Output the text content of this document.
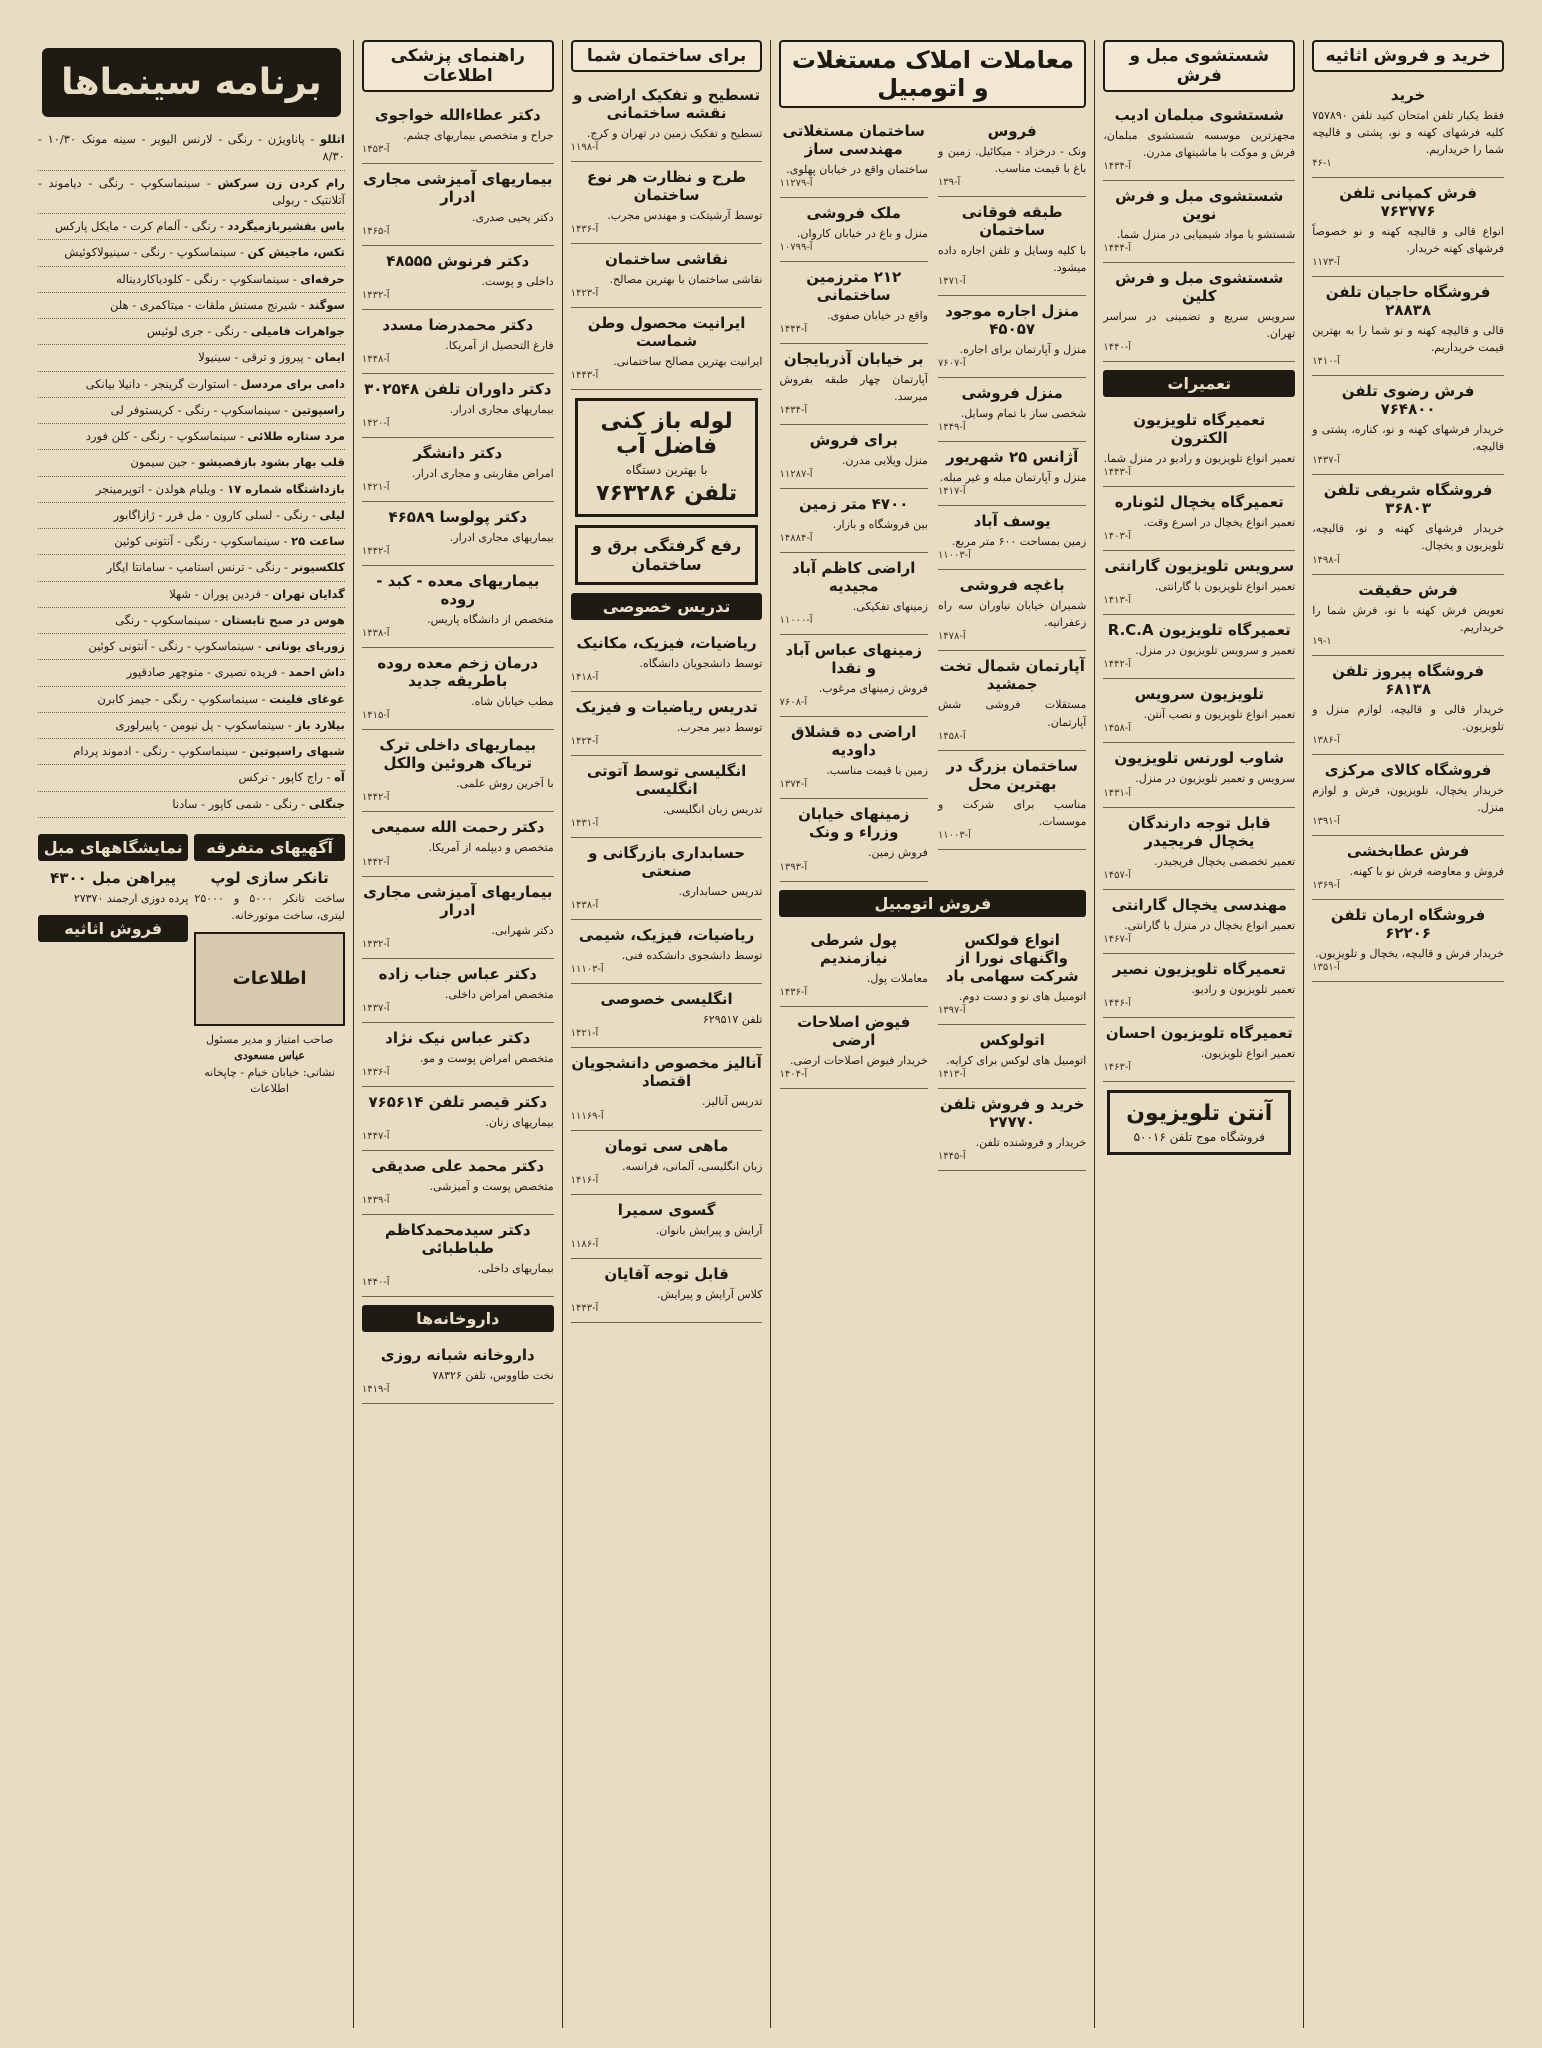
خرید و فروش اثاثیه
خرید
فقط یکبار تلفن امتحان کنید تلفن ۷۵۷۸۹۰ کلیه فرشهای کهنه و نو، پشتی و قالیچه شما را خریداریم.
۴۶-۱
فرش کمپانی تلفن ۷۶۳۷۷۶
انواع قالی و قالیچه کهنه و نو خصوصاً فرشهای کهنه خریدار.
۱۱۷۳-آ
فروشگاه حاجیان تلفن ۲۸۸۳۸
قالی و قالیچه کهنه و نو شما را به بهترین قیمت خریداریم.
۱۴۱۰-آ
فرش رضوی تلفن ۷۶۴۸۰۰
خریدار فرشهای کهنه و نو، کناره، پشتی و قالیچه.
۱۴۳۷-آ
فروشگاه شریفی تلفن ۳۶۸۰۳
خریدار فرشهای کهنه و نو، قالیچه، تلویزیون و یخچال.
۱۴۹۸-آ
فرش حقیقت
تعویض فرش کهنه با نو، فرش شما را خریداریم.
۱۹-۱
فروشگاه پیروز تلفن ۶۸۱۳۸
خریدار قالی و قالیچه، لوازم منزل و تلویزیون.
۱۳۸۶-آ
فروشگاه کالای مرکزی
خریدار یخچال، تلویزیون، فرش و لوازم منزل.
۱۳۹۱-آ
فرش عطابخشی
فروش و معاوضه فرش نو با کهنه.
۱۳۶۹-آ
فروشگاه ارمان تلفن ۶۲۲۰۶
خریدار فرش و قالیچه، یخچال و تلویزیون.
۱۳۵۱-آ
شستشوی مبل و فرش
شستشوی مبلمان ادیب
مجهزترین موسسه شستشوی مبلمان، فرش و موکت با ماشینهای مدرن.
۱۴۳۴-آ
شستشوی مبل و فرش نوین
شستشو با مواد شیمیایی در منزل شما.
۱۴۴۴-آ
شستشوی مبل و فرش کلین
سرویس سریع و تضمینی در سراسر تهران.
۱۴۴۰-آ
تعمیرات
تعمیرگاه تلویزیون الکترون
تعمیر انواع تلویزیون و رادیو در منزل شما.
۱۴۴۳-آ
تعمیرگاه یخچال لئوناره
تعمیر انواع یخچال در اسرع وقت.
۱۴۰۳-آ
سرویس تلویزیون گارانتی
تعمیر انواع تلویزیون با گارانتی.
۱۴۱۳-آ
تعمیرگاه تلویزیون R.C.A
تعمیر و سرویس تلویزیون در منزل.
۱۴۴۲-آ
تلویزیون سرویس
تعمیر انواع تلویزیون و نصب آنتن.
۱۴۵۸-آ
شاوب لورنس تلویزیون
سرویس و تعمیر تلویزیون در منزل.
۱۴۳۱-آ
قابل توجه دارندگان یخچال فریجیدر
تعمیر تخصصی یخچال فریجیدر.
۱۴۵۷-آ
مهندسی یخچال گارانتی
تعمیر انواع یخچال در منزل با گارانتی.
۱۴۶۷-آ
تعمیرگاه تلویزیون نصیر
تعمیر تلویزیون و رادیو.
۱۴۴۶-آ
تعمیرگاه تلویزیون احسان
تعمیر انواع تلویزیون.
۱۴۶۳-آ
آنتن تلویزیون
فروشگاه موج تلفن ۵۰۰۱۶
معاملات املاک مستغلات و اتومبیل
فروس
ونک - درخزاد - میکائیل. زمین و باغ با قیمت مناسب.
۱۳۹-آ
طبقه فوقانی ساختمان
با کلیه وسایل و تلفن اجاره داده میشود.
۱۴۷۱-آ
منزل اجاره موجود ۴۵۰۵۷
منزل و آپارتمان برای اجاره.
۷۶۰۷-آ
منزل فروشی
شخصی ساز با تمام وسایل.
۱۴۴۹-آ
آژانس ۲۵ شهریور
منزل و آپارتمان مبله و غیر مبله.
۱۴۱۷-آ
یوسف آباد
زمین بمساحت ۶۰۰ متر مربع.
۱۱۰۰۳-آ
باغچه فروشی
شمیران خیابان نیاوران سه راه زعفرانیه.
۱۴۷۸-آ
آپارتمان شمال تخت جمشید
مستقلات فروشی شش آپارتمان.
۱۴۵۸-آ
ساختمان بزرگ در بهترین محل
مناسب برای شرکت و موسسات.
۱۱۰۰۳-آ
ساختمان مستغلاتی مهندسی ساز
ساختمان واقع در خیابان پهلوی.
۱۱۲۷۹-آ
ملک فروشی
منزل و باغ در خیابان کاروان.
۱۰۷۹۹-آ
۲۱۲ مترزمین ساختمانی
واقع در خیابان صفوی.
۱۴۴۴-آ
بر خیابان آذربایجان
آپارتمان چهار طبقه بفروش میرسد.
۱۴۳۴-آ
برای فروش
منزل ویلایی مدرن.
۱۱۲۸۷-آ
۴۷۰۰ متر زمین
بین فروشگاه و بازار.
۱۴۸۸۴-آ
اراضی کاظم آباد مجیدیه
زمینهای تفکیکی.
۱۱۰۰۰-آ
زمینهای عباس آباد و نقدا
فروش زمینهای مرغوب.
۷۶۰۸-آ
اراضی ده قشلاق داودیه
زمین با قیمت مناسب.
۱۳۷۴-آ
زمینهای خیابان وزراء و ونک
فروش زمین.
۱۳۹۳-آ
فروش اتومبیل
انواع فولکس واگنهای نورا از شرکت سهامی باد
اتومبیل های نو و دست دوم.
۱۳۹۷-آ
اتولوکس
اتومبیل های لوکس برای کرایه.
۱۴۱۳-آ
خرید و فروش تلفن ۲۷۷۷۰
خریدار و فروشنده تلفن.
۱۴۴۵-آ
پول شرطی نیازمندیم
معاملات پول.
۱۴۳۶-آ
فیوض اصلاحات ارضی
خریدار فیوض اصلاحات ارضی.
۱۴۰۴-آ
برای ساختمان شما
تسطیح و تفکیک اراضی و نقشه ساختمانی
تسطیح و تفکیک زمین در تهران و کرج.
۱۱۹۸-آ
طرح و نظارت هر نوع ساختمان
توسط آرشیتکت و مهندس مجرب.
۱۴۳۶-آ
نقاشی ساختمان
نقاشی ساختمان با بهترین مصالح.
۱۴۲۳-آ
ایرانیت محصول وطن شماست
ایرانیت بهترین مصالح ساختمانی.
۱۴۴۳-آ
لوله باز کنی فاضل آب
با بهترین دستگاه
تلفن ۷۶۳۲۸۶
رفع گرفتگی برق و ساختمان
تدریس خصوصی
ریاضیات، فیزیک، مکانیک
توسط دانشجویان دانشگاه.
۱۴۱۸-آ
تدریس ریاضیات و فیزیک
توسط دبیر مجرب.
۱۴۲۴-آ
انگلیسی توسط آتوتی انگلیسی
تدریس زبان انگلیسی.
۱۴۳۱-آ
حسابداری بازرگانی و صنعتی
تدریس حسابداری.
۱۴۳۸-آ
ریاضیات، فیزیک، شیمی
توسط دانشجوی دانشکده فنی.
۱۱۱۰۳-آ
انگلیسی خصوصی
تلفن ۶۲۹۵۱۷
۱۴۲۱-آ
آنالیز مخصوص دانشجویان اقتصاد
تدریس آنالیز.
۱۱۱۶۹-آ
ماهی سی تومان
زبان انگلیسی، آلمانی، فرانسه.
۱۴۱۶-آ
گسوی سمیرا
آرایش و پیرایش بانوان.
۱۱۸۶-آ
قابل توجه آقایان
کلاس آرایش و پیرایش.
۱۴۴۳-آ
راهنمای پزشکی اطلاعات
دکتر عطاءالله خواجوی
جراح و متخصص بیماریهای چشم.
۱۴۵۳-آ
بیماریهای آمیزشی مجاری ادرار
دکتر یحیی صدری.
۱۴۶۵-آ
دکتر فرنوش ۴۸۵۵۵
داخلی و پوست.
۱۴۳۲-آ
دکتر محمدرضا مسدد
فارغ التحصیل از آمریکا.
۱۴۴۸-آ
دکتر داوران تلفن ۳۰۲۵۴۸
بیماریهای مجاری ادرار.
۱۴۲۰-آ
دکتر دانشگر
امراض مقاربتی و مجاری ادرار.
۱۴۲۱-آ
دکتر پولوسا ۴۶۵۸۹
بیماریهای مجاری ادرار.
۱۴۴۲-آ
بیماریهای معده - کبد - روده
متخصص از دانشگاه پاریس.
۱۴۳۸-آ
درمان زخم معده روده باطریقه جدید
مطب خیابان شاه.
۱۴۱۵-آ
بیماریهای داخلی ترک تریاک هروئین والکل
با آخرین روش علمی.
۱۴۴۲-آ
دکتر رحمت الله سمیعی
متخصص و دیپلمه از آمریکا.
۱۴۴۲-آ
بیماریهای آمیزشی مجاری ادرار
دکتر شهرابی.
۱۴۳۲-آ
دکتر عباس جناب زاده
متخصص امراض داخلی.
۱۴۳۷-آ
دکتر عباس نیک نژاد
متخصص امراض پوست و مو.
۱۴۳۶-آ
دکتر قیصر تلفن ۷۶۵۶۱۴
بیماریهای زنان.
۱۴۴۷-آ
دکتر محمد علی صدیقی
متخصص پوست و آمیزشی.
۱۴۳۹-آ
دکتر سیدمحمدکاظم طباطبائی
بیماریهای داخلی.
۱۴۴۰-آ
داروخانه‌ها
داروخانه شبانه روزی
نخت طاووس، تلفن ۷۸۳۲۶
۱۴۱۹-آ
برنامه سینماها
اتللو - پاناویژن - رنگی - لارنس الیویر - سینه مونک ۱۰/۳۰ - ۸/۳۰
رام کردن زن سرکش - سینماسکوپ - رنگی - دیاموند - آتلانتیک - ربولی
باس بفشیربازمیگردد - رنگی - آلمام کرت - مایکل پارکس
تکس، ماجیش کن - سینماسکوپ - رنگی - سینیولاکوئیش
حرفه‌ای - سینماسکوپ - رنگی - کلودیاکاردیناله
سوگند - شیرنج مسنش ملقات - میتاکمری - هلن
جواهرات فامیلی - رنگی - جری لوئیس
ایمان - پیروز و ترقی - سینیولا
دامی برای مردسل - استوارت گرینجر - دانیلا بیانکی
راسپوتین - سینماسکوپ - رنگی - کریستوفر لی
مرد ستاره طلائی - سینماسکوپ - رنگی - کلن فورد
قلب بهار بشود بازفصیشو - جین سیمون
بازداشتگاه شماره ۱۷ - ویلیام هولدن - اتوپرمینجر
لیلی - رنگی - لسلی کارون - مل فرر - ژازاگابور
ساعت ۲۵ - سینماسکوپ - رنگی - آنتونی کوئین
کلکسیونر - رنگی - ترنس استامپ - سامانتا ایگار
گدایان تهران - فردین پوران - شهلا
هوس در صبح تابستان - سینماسکوپ - رنگی
زوربای یونانی - سینماسکوپ - رنگی - آنتونی کوئین
داش احمد - فریده نصیری - منوچهر صادقپور
غوغای فلینت - سینماسکوپ - رنگی - جیمز کابرن
بیلارد باز - سینماسکوپ - پل نیومن - پاییرلوری
شبهای راسپوتین - سینماسکوپ - رنگی - ادموند پردام
آه - راج کاپور - نرکس
جنگلی - رنگی - شمی کاپور - سادنا
آگهیهای متفرقه
تانکر سازی لوپ
ساخت تانکر ۵۰۰۰ و ۲۵۰۰۰ لیتری، ساخت موتورخانه.
اطلاعات
صاحب امتیاز و مدیر مسئول
عباس مسعودی
نشانی: خیابان خیام - چاپخانه اطلاعات
نمایشگاههای مبل
پیراهن مبل ۴۳۰۰
پرده دوزی ارجمند ۲۷۳۷۰
فروش اثاثیه
